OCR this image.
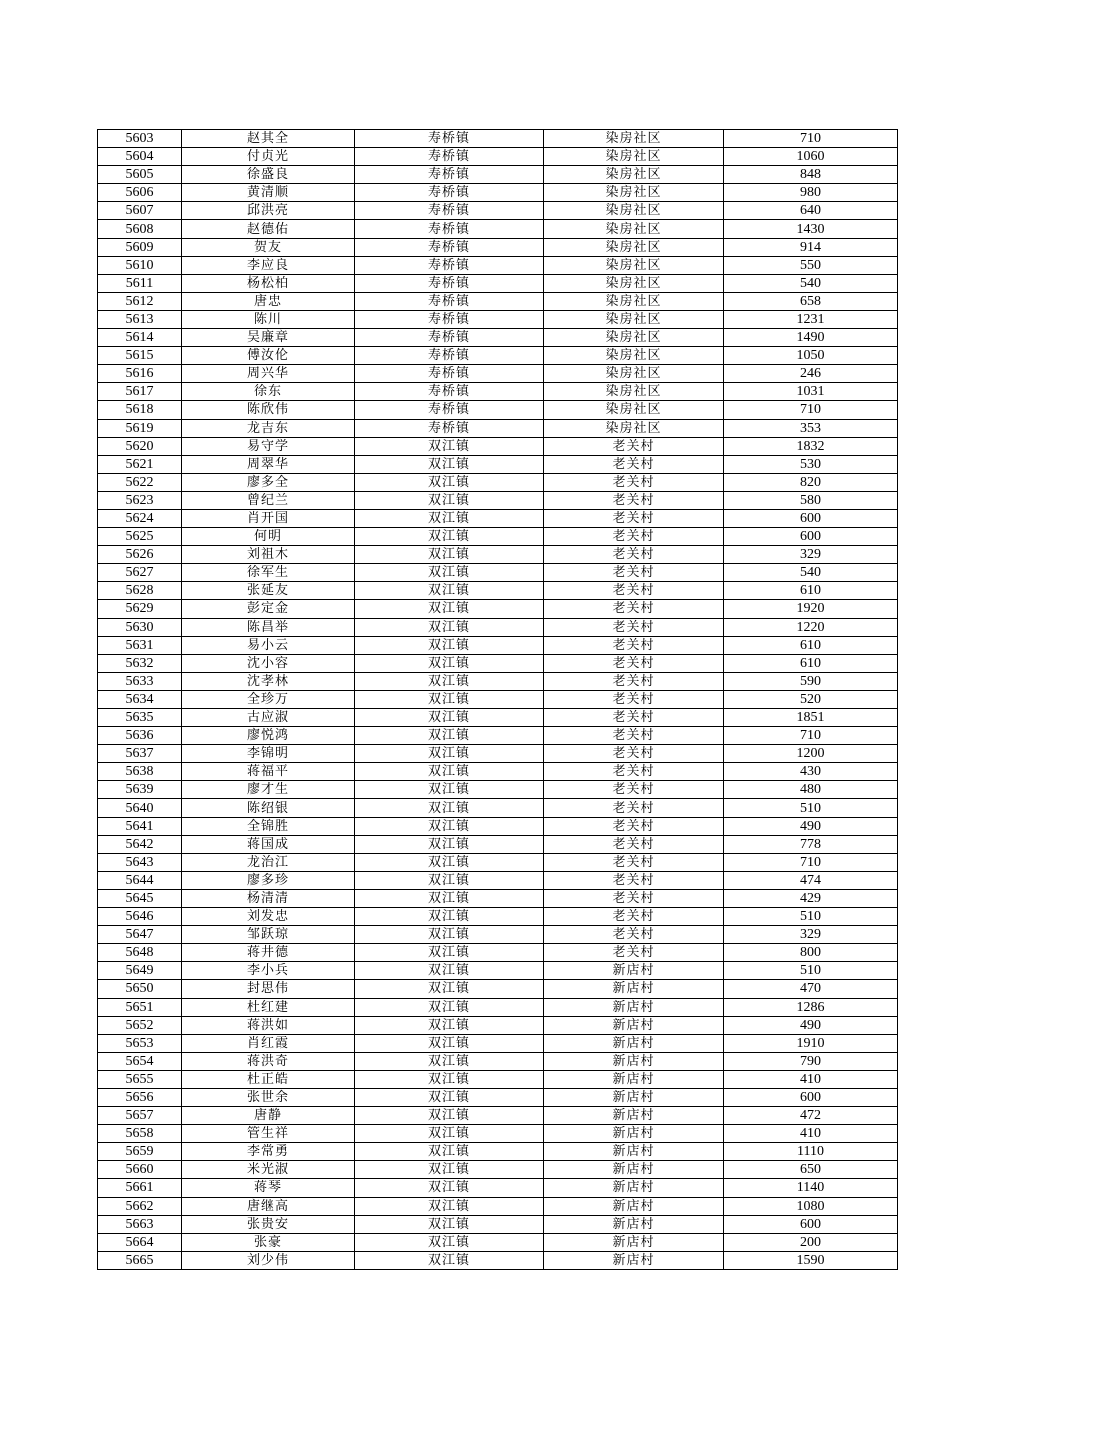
5603	赵其全	寿桥镇	染房社区	710
5604	付贞光	寿桥镇	染房社区	1060
5605	徐盛良	寿桥镇	染房社区	848
5606	黄清顺	寿桥镇	染房社区	980
5607	邱洪亮	寿桥镇	染房社区	640
5608	赵德佑	寿桥镇	染房社区	1430
5609	贺友	寿桥镇	染房社区	914
5610	李应良	寿桥镇	染房社区	550
5611	杨松柏	寿桥镇	染房社区	540
5612	唐忠	寿桥镇	染房社区	658
5613	陈川	寿桥镇	染房社区	1231
5614	吴廉章	寿桥镇	染房社区	1490
5615	傅汝伦	寿桥镇	染房社区	1050
5616	周兴华	寿桥镇	染房社区	246
5617	徐东	寿桥镇	染房社区	1031
5618	陈欣伟	寿桥镇	染房社区	710
5619	龙吉东	寿桥镇	染房社区	353
5620	易守学	双江镇	老关村	1832
5621	周翠华	双江镇	老关村	530
5622	廖多全	双江镇	老关村	820
5623	曾纪兰	双江镇	老关村	580
5624	肖开国	双江镇	老关村	600
5625	何明	双江镇	老关村	600
5626	刘祖木	双江镇	老关村	329
5627	徐军生	双江镇	老关村	540
5628	张延友	双江镇	老关村	610
5629	彭定金	双江镇	老关村	1920
5630	陈昌举	双江镇	老关村	1220
5631	易小云	双江镇	老关村	610
5632	沈小容	双江镇	老关村	610
5633	沈孝林	双江镇	老关村	590
5634	全珍万	双江镇	老关村	520
5635	古应淑	双江镇	老关村	1851
5636	廖悦鸿	双江镇	老关村	710
5637	李锦明	双江镇	老关村	1200
5638	蒋福平	双江镇	老关村	430
5639	廖才生	双江镇	老关村	480
5640	陈绍银	双江镇	老关村	510
5641	全锦胜	双江镇	老关村	490
5642	蒋国成	双江镇	老关村	778
5643	龙治江	双江镇	老关村	710
5644	廖多珍	双江镇	老关村	474
5645	杨清清	双江镇	老关村	429
5646	刘发忠	双江镇	老关村	510
5647	邹跃琼	双江镇	老关村	329
5648	蒋井德	双江镇	老关村	800
5649	李小兵	双江镇	新店村	510
5650	封思伟	双江镇	新店村	470
5651	杜红建	双江镇	新店村	1286
5652	蒋洪如	双江镇	新店村	490
5653	肖红霞	双江镇	新店村	1910
5654	蒋洪奇	双江镇	新店村	790
5655	杜正皓	双江镇	新店村	410
5656	张世余	双江镇	新店村	600
5657	唐静	双江镇	新店村	472
5658	管生祥	双江镇	新店村	410
5659	李常勇	双江镇	新店村	1110
5660	米光淑	双江镇	新店村	650
5661	蒋琴	双江镇	新店村	1140
5662	唐继高	双江镇	新店村	1080
5663	张贵安	双江镇	新店村	600
5664	张豪	双江镇	新店村	200
5665	刘少伟	双江镇	新店村	1590
